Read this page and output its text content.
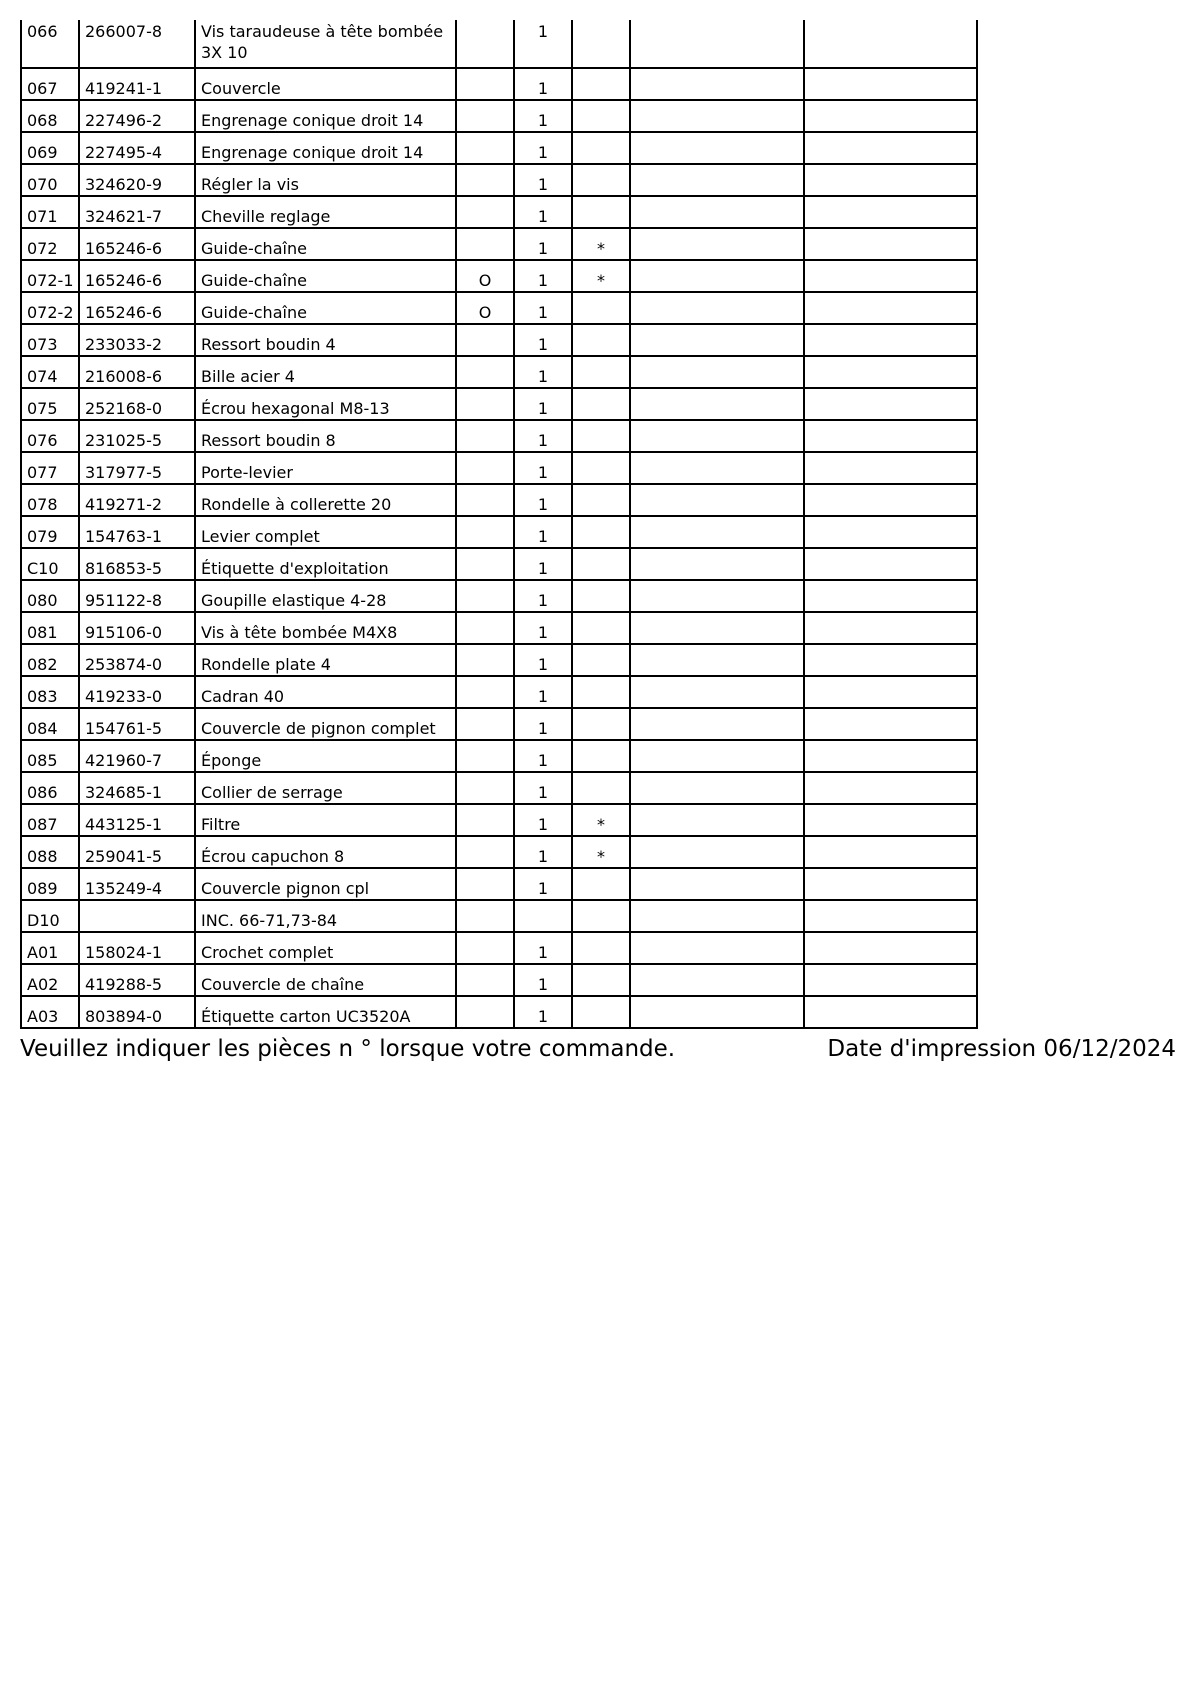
066	266007-8	Vis taraudeuse à tête bombée 3X 10		1			
067	419241-1	Couvercle		1			
068	227496-2	Engrenage conique droit 14		1			
069	227495-4	Engrenage conique droit 14		1			
070	324620-9	Régler la vis		1			
071	324621-7	Cheville reglage		1			
072	165246-6	Guide-chaîne		1	*		
072-1	165246-6	Guide-chaîne	O	1	*		
072-2	165246-6	Guide-chaîne	O	1			
073	233033-2	Ressort boudin 4		1			
074	216008-6	Bille acier 4		1			
075	252168-0	Écrou hexagonal M8-13		1			
076	231025-5	Ressort boudin 8		1			
077	317977-5	Porte-levier		1			
078	419271-2	Rondelle à collerette 20		1			
079	154763-1	Levier complet		1			
C10	816853-5	Étiquette d'exploitation		1			
080	951122-8	Goupille elastique 4-28		1			
081	915106-0	Vis à tête bombée M4X8		1			
082	253874-0	Rondelle plate 4		1			
083	419233-0	Cadran 40		1			
084	154761-5	Couvercle de pignon complet		1			
085	421960-7	Éponge		1			
086	324685-1	Collier de serrage		1			
087	443125-1	Filtre		1	*		
088	259041-5	Écrou capuchon 8		1	*		
089	135249-4	Couvercle pignon cpl		1			
D10		INC. 66-71,73-84					
A01	158024-1	Crochet complet		1			
A02	419288-5	Couvercle de chaîne		1			
A03	803894-0	Étiquette carton UC3520A		1			
Veuillez indiquer les pièces n ° lorsque votre commande.	Date d'impression 06/12/2024
